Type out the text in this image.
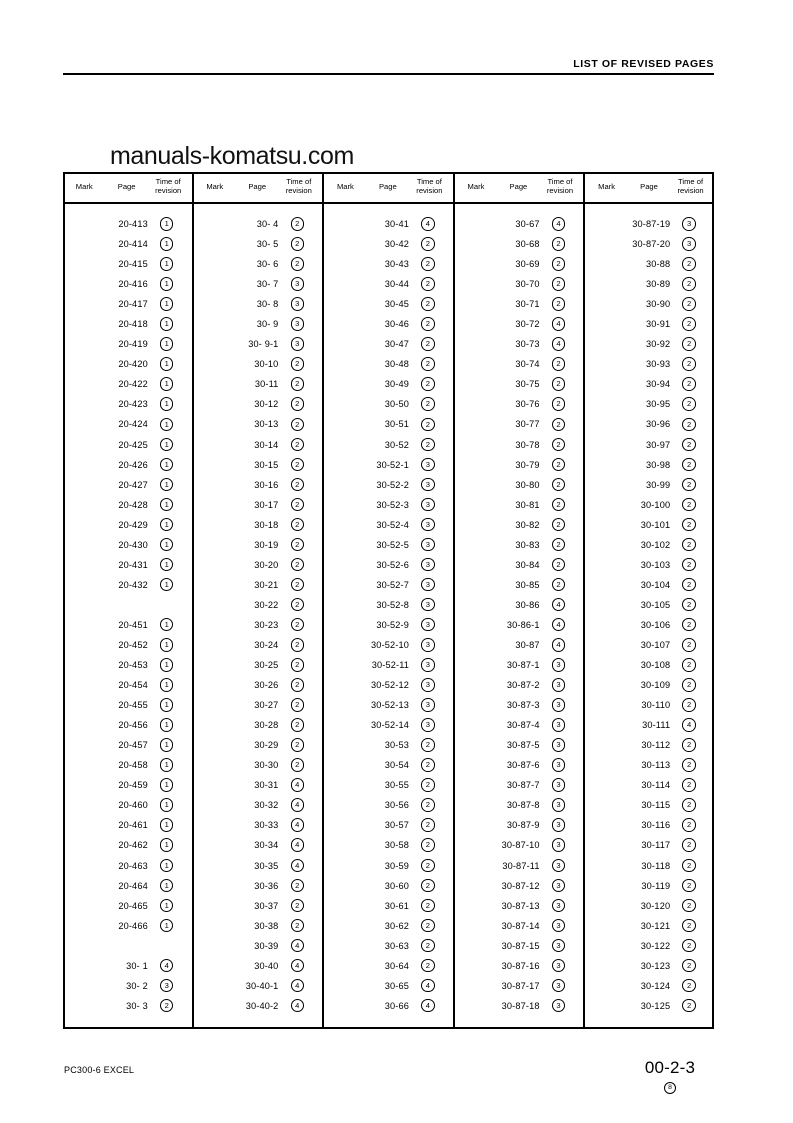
LIST OF REVISED PAGES
manuals-komatsu.com
Mark	Page	Time of
revision
20-413	1
20-414	1
20-415	1
20-416	1
20-417	1
20-418	1
20-419	1
20-420	1
20-422	1
20-423	1
20-424	1
20-425	1
20-426	1
20-427	1
20-428	1
20-429	1
20-430	1
20-431	1
20-432	1
20-451	1
20-452	1
20-453	1
20-454	1
20-455	1
20-456	1
20-457	1
20-458	1
20-459	1
20-460	1
20-461	1
20-462	1
20-463	1
20-464	1
20-465	1
20-466	1
30- 1	4
30- 2	3
30- 3	2
Mark	Page	Time of
revision
30- 4	2
30- 5	2
30- 6	2
30- 7	3
30- 8	3
30- 9	3
30- 9-1	3
30-10	2
30-11	2
30-12	2
30-13	2
30-14	2
30-15	2
30-16	2
30-17	2
30-18	2
30-19	2
30-20	2
30-21	2
30-22	2
30-23	2
30-24	2
30-25	2
30-26	2
30-27	2
30-28	2
30-29	2
30-30	2
30-31	4
30-32	4
30-33	4
30-34	4
30-35	4
30-36	2
30-37	2
30-38	2
30-39	4
30-40	4
30-40-1	4
30-40-2	4
Mark	Page	Time of
revision
30-41	4
30-42	2
30-43	2
30-44	2
30-45	2
30-46	2
30-47	2
30-48	2
30-49	2
30-50	2
30-51	2
30-52	2
30-52-1	3
30-52-2	3
30-52-3	3
30-52-4	3
30-52-5	3
30-52-6	3
30-52-7	3
30-52-8	3
30-52-9	3
30-52-10	3
30-52-11	3
30-52-12	3
30-52-13	3
30-52-14	3
30-53	2
30-54	2
30-55	2
30-56	2
30-57	2
30-58	2
30-59	2
30-60	2
30-61	2
30-62	2
30-63	2
30-64	2
30-65	4
30-66	4
Mark	Page	Time of
revision
30-67	4
30-68	2
30-69	2
30-70	2
30-71	2
30-72	4
30-73	4
30-74	2
30-75	2
30-76	2
30-77	2
30-78	2
30-79	2
30-80	2
30-81	2
30-82	2
30-83	2
30-84	2
30-85	2
30-86	4
30-86-1	4
30-87	4
30-87-1	3
30-87-2	3
30-87-3	3
30-87-4	3
30-87-5	3
30-87-6	3
30-87-7	3
30-87-8	3
30-87-9	3
30-87-10	3
30-87-11	3
30-87-12	3
30-87-13	3
30-87-14	3
30-87-15	3
30-87-16	3
30-87-17	3
30-87-18	3
Mark	Page	Time of
revision
30-87-19	3
30-87-20	3
30-88	2
30-89	2
30-90	2
30-91	2
30-92	2
30-93	2
30-94	2
30-95	2
30-96	2
30-97	2
30-98	2
30-99	2
30-100	2
30-101	2
30-102	2
30-103	2
30-104	2
30-105	2
30-106	2
30-107	2
30-108	2
30-109	2
30-110	2
30-111	4
30-112	2
30-113	2
30-114	2
30-115	2
30-116	2
30-117	2
30-118	2
30-119	2
30-120	2
30-121	2
30-122	2
30-123	2
30-124	2
30-125	2
PC300-6 EXCEL	00-2-3
8
